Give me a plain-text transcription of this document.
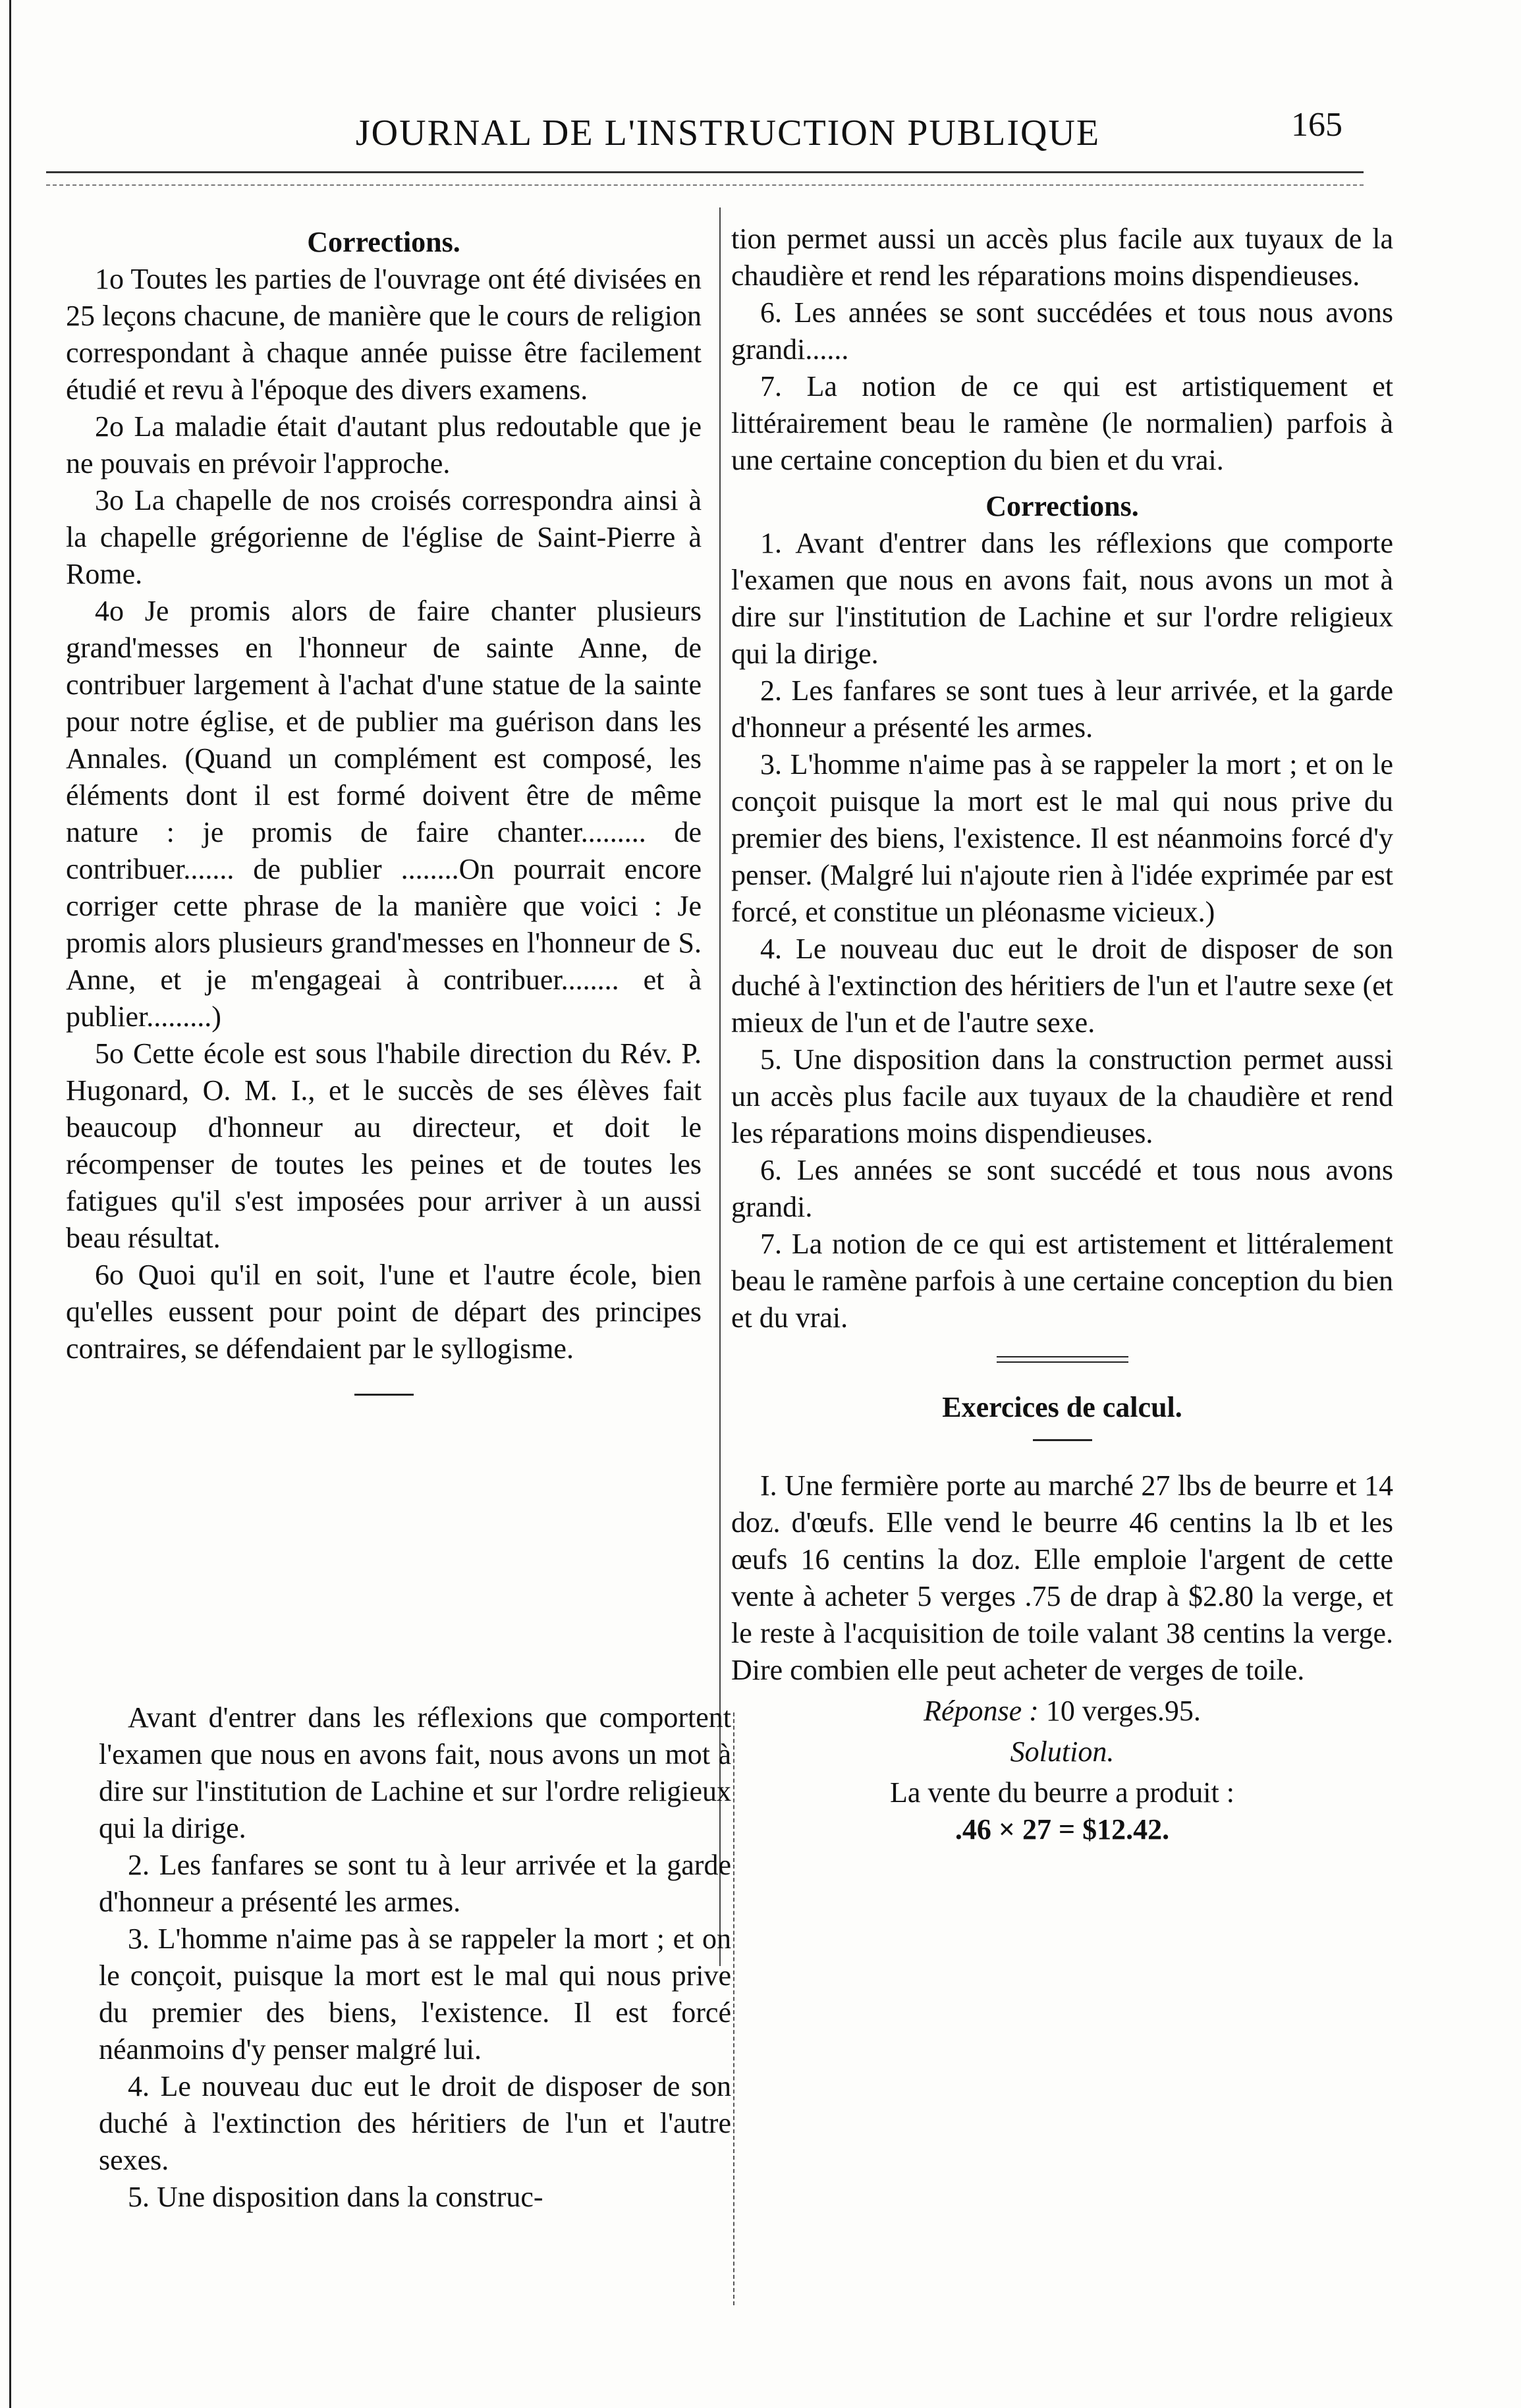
JOURNAL DE L'INSTRUCTION PUBLIQUE	165

Corrections.

1o Toutes les parties de l'ouvrage ont été divisées en 25 leçons chacune, de manière que le cours de religion correspondant à chaque année puisse être facilement étudié et revu à l'époque des divers examens.

2o La maladie était d'autant plus redoutable que je ne pouvais en prévoir l'approche.

3o La chapelle de nos croisés correspondra ainsi à la chapelle grégorienne de l'église de Saint-Pierre à Rome.

4o Je promis alors de faire chanter plusieurs grand'messes en l'honneur de sainte Anne, de contribuer largement à l'achat d'une statue de la sainte pour notre église, et de publier ma guérison dans les Annales. (Quand un complément est composé, les éléments dont il est formé doivent être de même nature : je promis de faire chanter......... de contribuer....... de publier ........On pourrait encore corriger cette phrase de la manière que voici : Je promis alors plusieurs grand'messes en l'honneur de S. Anne, et je m'engageai à contribuer........ et à publier.........)

5o Cette école est sous l'habile direction du Rév. P. Hugonard, O. M. I., et le succès de ses élèves fait beaucoup d'honneur au directeur, et doit le récompenser de toutes les peines et de toutes les fatigues qu'il s'est imposées pour arriver à un aussi beau résultat.

6o Quoi qu'il en soit, l'une et l'autre école, bien qu'elles eussent pour point de départ des principes contraires, se défendaient par le syllogisme.

Avant d'entrer dans les réflexions que comportent l'examen que nous en avons fait, nous avons un mot à dire sur l'institution de Lachine et sur l'ordre religieux qui la dirige.

2. Les fanfares se sont tu à leur arrivée et la garde d'honneur a présenté les armes.

3. L'homme n'aime pas à se rappeler la mort ; et on le conçoit, puisque la mort est le mal qui nous prive du premier des biens, l'existence. Il est forcé néanmoins d'y penser malgré lui.

4. Le nouveau duc eut le droit de disposer de son duché à l'extinction des héritiers de l'un et l'autre sexes.

5. Une disposition dans la construc-

tion permet aussi un accès plus facile aux tuyaux de la chaudière et rend les réparations moins dispendieuses.

6. Les années se sont succédées et tous nous avons grandi......

7. La notion de ce qui est artistiquement et littérairement beau le ramène (le normalien) parfois à une certaine conception du bien et du vrai.

Corrections.

1. Avant d'entrer dans les réflexions que comporte l'examen que nous en avons fait, nous avons un mot à dire sur l'institution de Lachine et sur l'ordre religieux qui la dirige.

2. Les fanfares se sont tues à leur arrivée, et la garde d'honneur a présenté les armes.

3. L'homme n'aime pas à se rappeler la mort ; et on le conçoit puisque la mort est le mal qui nous prive du premier des biens, l'existence. Il est néanmoins forcé d'y penser. (Malgré lui n'ajoute rien à l'idée exprimée par est forcé, et constitue un pléonasme vicieux.)

4. Le nouveau duc eut le droit de disposer de son duché à l'extinction des héritiers de l'un et l'autre sexe (et mieux de l'un et de l'autre sexe.

5. Une disposition dans la construction permet aussi un accès plus facile aux tuyaux de la chaudière et rend les réparations moins dispendieuses.

6. Les années se sont succédé et tous nous avons grandi.

7. La notion de ce qui est artistement et littéralement beau le ramène parfois à une certaine conception du bien et du vrai.

Exercices de calcul.

I. Une fermière porte au marché 27 lbs de beurre et 14 doz. d'œufs. Elle vend le beurre 46 centins la lb et les œufs 16 centins la doz. Elle emploie l'argent de cette vente à acheter 5 verges .75 de drap à $2.80 la verge, et le reste à l'acquisition de toile valant 38 centins la verge. Dire combien elle peut acheter de verges de toile.

Réponse : 10 verges.95.

Solution.

La vente du beurre a produit :

.46 × 27 = $12.42.
